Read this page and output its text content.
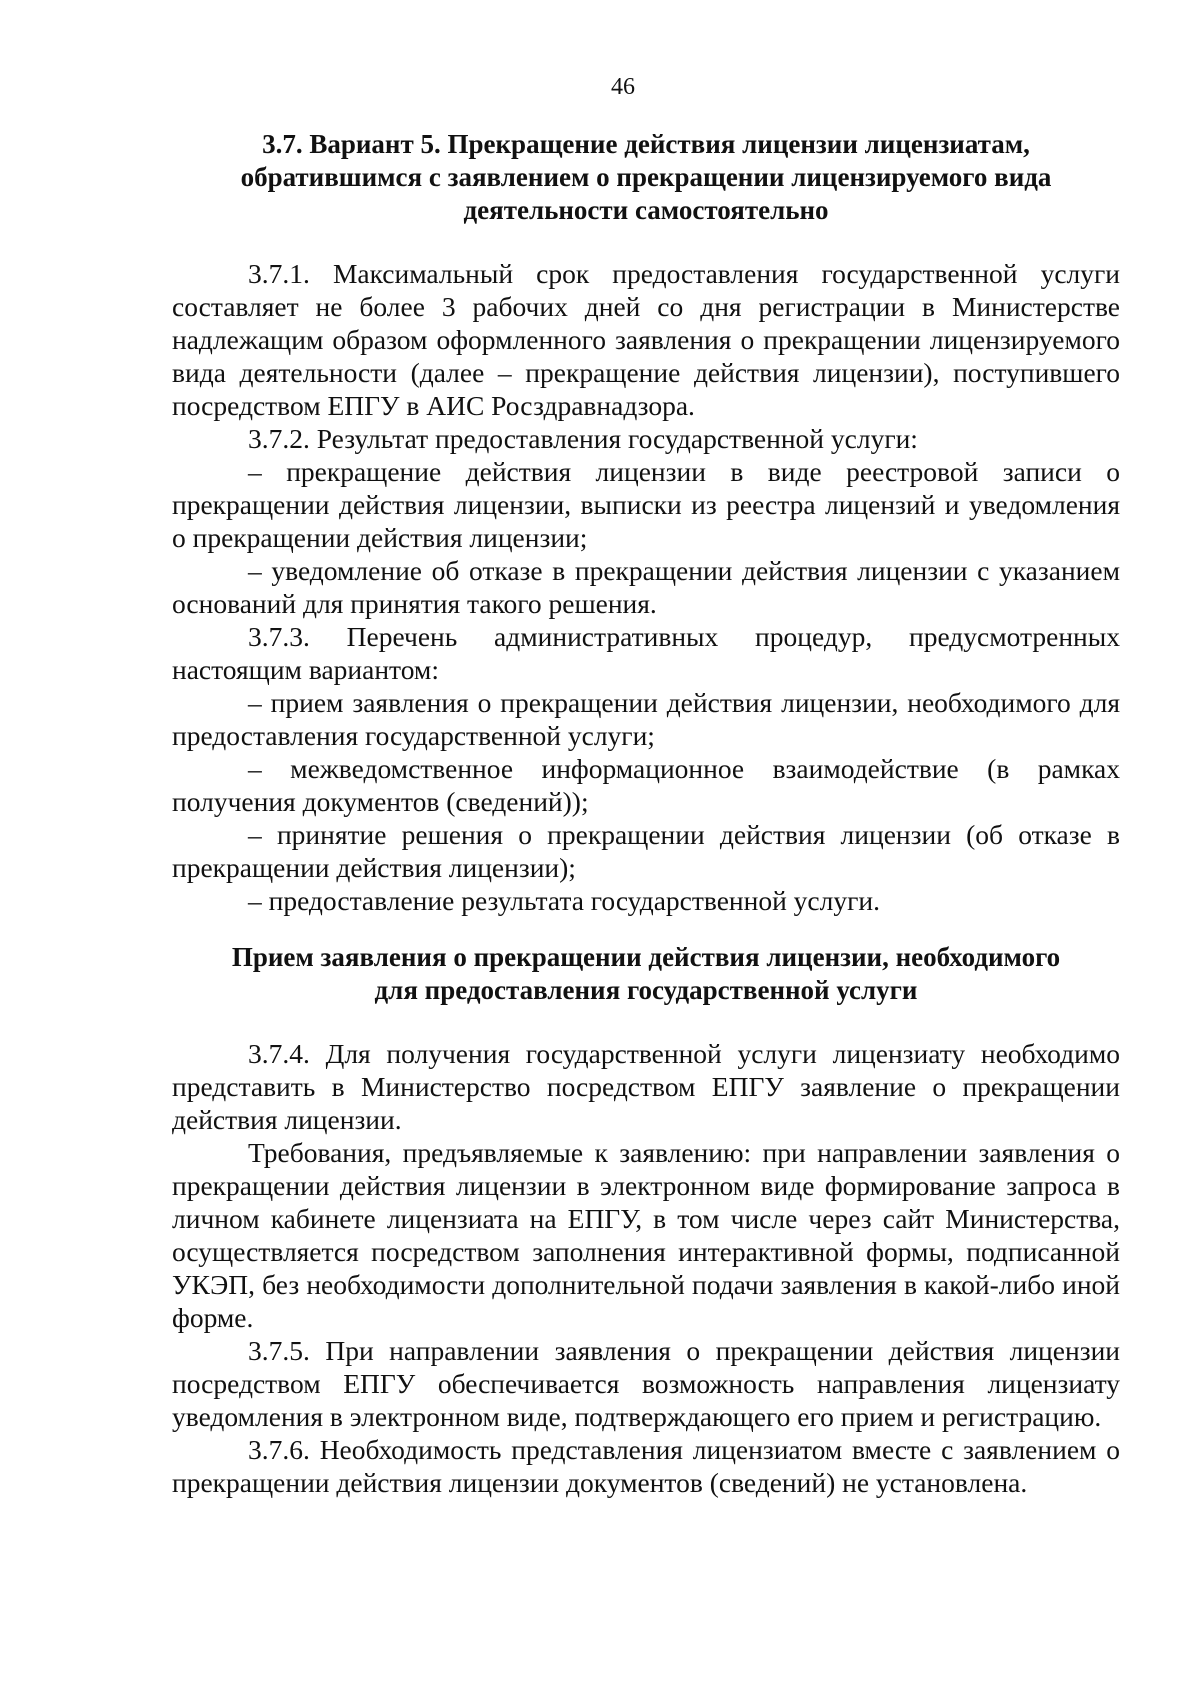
46
3.7. Вариант 5. Прекращение действия лицензии лицензиатам,
обратившимся с заявлением о прекращении лицензируемого вида
деятельности самостоятельно

3.7.1. Максимальный срок предоставления государственной услуги составляет не более 3 рабочих дней со дня регистрации в Министерстве надлежащим образом оформленного заявления о прекращении лицензируемого вида деятельности (далее – прекращение действия лицензии), поступившего посредством ЕПГУ в АИС Росздравнадзора.

3.7.2. Результат предоставления государственной услуги:

– прекращение действия лицензии в виде реестровой записи о прекращении действия лицензии, выписки из реестра лицензий и уведомления о прекращении действия лицензии;

– уведомление об отказе в прекращении действия лицензии с указанием оснований для принятия такого решения.

3.7.3. Перечень административных процедур, предусмотренных настоящим вариантом:

– прием заявления о прекращении действия лицензии, необходимого для предоставления государственной услуги;

– межведомственное информационное взаимодействие (в рамках получения документов (сведений));

– принятие решения о прекращении действия лицензии (об отказе в прекращении действия лицензии);

– предоставление результата государственной услуги.

Прием заявления о прекращении действия лицензии, необходимого
для предоставления государственной услуги

3.7.4. Для получения государственной услуги лицензиату необходимо представить в Министерство посредством ЕПГУ заявление о прекращении действия лицензии.

Требования, предъявляемые к заявлению: при направлении заявления о прекращении действия лицензии в электронном виде формирование запроса в личном кабинете лицензиата на ЕПГУ, в том числе через сайт Министерства, осуществляется посредством заполнения интерактивной формы, подписанной УКЭП, без необходимости дополнительной подачи заявления в какой-либо иной форме.

3.7.5. При направлении заявления о прекращении действия лицензии посредством ЕПГУ обеспечивается возможность направления лицензиату уведомления в электронном виде, подтверждающего его прием и регистрацию.

3.7.6. Необходимость представления лицензиатом вместе с заявлением о прекращении действия лицензии документов (сведений) не установлена.
